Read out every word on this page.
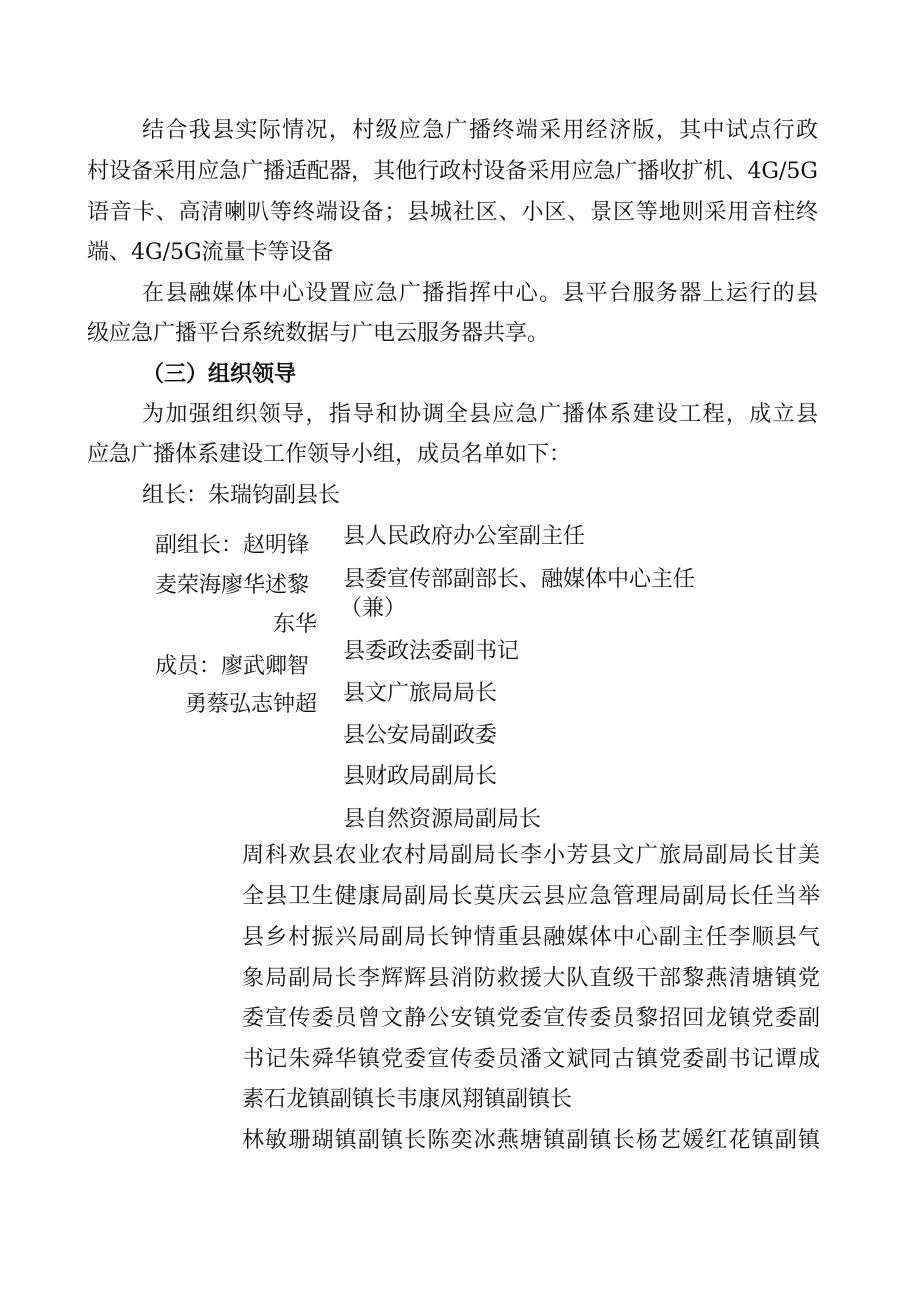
结合我县实际情况，村级应急广播终端采用经济版，其中试点行政
村设备采用应急广播适配器，其他行政村设备采用应急广播收扩机、4G/5G
语音卡、高清喇叭等终端设备；县城社区、小区、景区等地则采用音柱终
端、4G/5G流量卡等设备
在县融媒体中心设置应急广播指挥中心。县平台服务器上运行的县
级应急广播平台系统数据与广电云服务器共享。
（三）组织领导
为加强组织领导，指导和协调全县应急广播体系建设工程，成立县
应急广播体系建设工作领导小组，成员名单如下：
组长：朱瑞钧副县长
副组长：赵明锋
麦荣海廖华述黎
东华
成员：廖武卿智
勇蔡弘志钟超
县人民政府办公室副主任
县委宣传部副部长、融媒体中心主任
（兼）
县委政法委副书记
县文广旅局局长
县公安局副政委
县财政局副局长
县自然资源局副局长
周科欢县农业农村局副局长李小芳县文广旅局副局长甘美
全县卫生健康局副局长莫庆云县应急管理局副局长任当举
县乡村振兴局副局长钟情重县融媒体中心副主任李顺县气
象局副局长李辉辉县消防救援大队直级干部黎燕清塘镇党
委宣传委员曾文静公安镇党委宣传委员黎招回龙镇党委副
书记朱舜华镇党委宣传委员潘文斌同古镇党委副书记谭成
素石龙镇副镇长韦康凤翔镇副镇长
林敏珊瑚镇副镇长陈奕冰燕塘镇副镇长杨艺媛红花镇副镇
